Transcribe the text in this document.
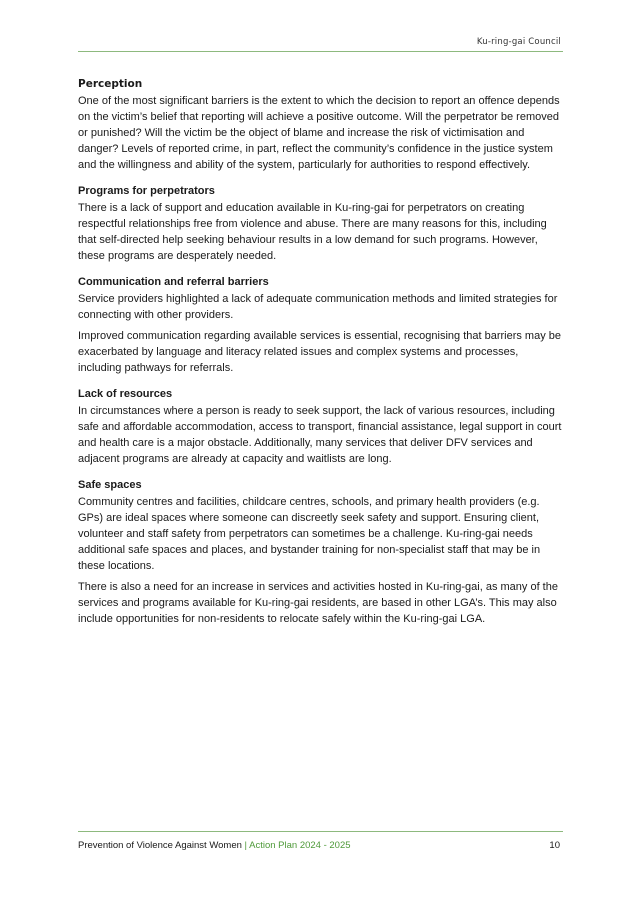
Ku-ring-gai Council
Perception

One of the most significant barriers is the extent to which the decision to report an offence depends on the victim’s belief that reporting will achieve a positive outcome. Will the perpetrator be removed or punished? Will the victim be the object of blame and increase the risk of victimisation and danger? Levels of reported crime, in part, reflect the community’s confidence in the justice system and the willingness and ability of the system, particularly for authorities to respond effectively.

Programs for perpetrators

There is a lack of support and education available in Ku-ring-gai for perpetrators on creating respectful relationships free from violence and abuse. There are many reasons for this, including that self-directed help seeking behaviour results in a low demand for such programs. However, these programs are desperately needed.

Communication and referral barriers

Service providers highlighted a lack of adequate communication methods and limited strategies for connecting with other providers.

Improved communication regarding available services is essential, recognising that barriers may be exacerbated by language and literacy related issues and complex systems and processes, including pathways for referrals.

Lack of resources

In circumstances where a person is ready to seek support, the lack of various resources, including safe and affordable accommodation, access to transport, financial assistance, legal support in court and health care is a major obstacle. Additionally, many services that deliver DFV services and adjacent programs are already at capacity and waitlists are long.

Safe spaces

Community centres and facilities, childcare centres, schools, and primary health providers (e.g. GPs) are ideal spaces where someone can discreetly seek safety and support. Ensuring client, volunteer and staff safety from perpetrators can sometimes be a challenge. Ku-ring-gai needs additional safe spaces and places, and bystander training for non-specialist staff that may be in these locations.

There is also a need for an increase in services and activities hosted in Ku-ring-gai, as many of the services and programs available for Ku-ring-gai residents, are based in other LGA’s. This may also include opportunities for non-residents to relocate safely within the Ku-ring-gai LGA.

Prevention of Violence Against Women | Action Plan 2024 - 2025	10
